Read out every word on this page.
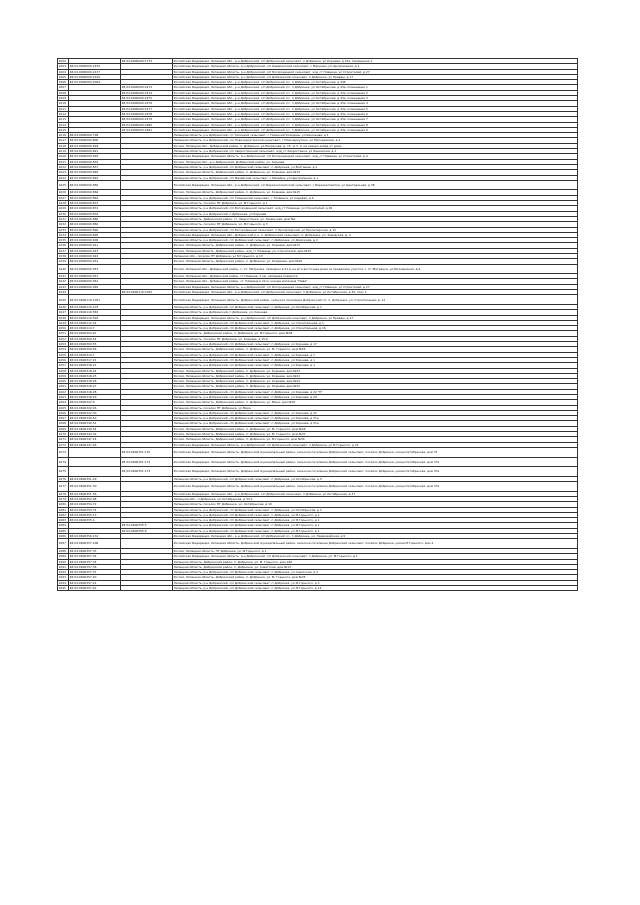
1002		48:04:0000000:1772	Российская Федерация, Липецкая обл., р-н Добринский, с/п Добринский сельсовет, п Добринка, ул Корнева, д 15а, помещение 1
1003	48:04:0000000:1876		Российская Федерация, Липецкая область, р-н Добринский, с/п Каверинский сельсовет, с Малинки, ул Центральная, д 1
1004	48:04:0000000:2137		Российская Федерация, Липецкая область, р-н Добринский, с/п Богородицкий сельсовет, ж/д_ст Плавица, ул Строителей, д 27
1005	48:04:0000000:2150		Российская Федерация, Липецкая область, р-н Добринский, с/п Добринский сельсовет, п Добринка, ул Правды, д 17
1006	48:04:0000000:2364		Российская Федерация, Липецкая обл., р-н Добринский, с/п Добринский с/с, п Добринка, ул Октябрьская, д 43б
1007		48:04:0000000:2472	Российская Федерация, Липецкая обл., р-н Добринский, с/п Добринский с/с, п Добринка, ул Октябрьская, д 43а, помещение 1
1008		48:04:0000000:2474	Российская Федерация, Липецкая обл., р-н Добринский, с/п Добринский с/с, п Добринка, ул Октябрьская, д 43а, помещение 2
1009		48:04:0000000:2475	Российская Федерация, Липецкая обл., р-н Добринский, с/п Добринский с/с, п Добринка, ул Октябрьская, д 43а, помещение 3
1010		48:04:0000000:2476	Российская Федерация, Липецкая обл., р-н Добринский, с/п Добринский с/с, п Добринка, ул Октябрьская, д 43а, помещение 4
1011		48:04:0000000:2477	Российская Федерация, Липецкая обл., р-н Добринский, с/п Добринский с/с, п Добринка, ул Октябрьская, д 43а, помещение 5
1012		48:04:0000000:2478	Российская Федерация, Липецкая обл., р-н Добринский, с/п Добринский с/с, п Добринка, ул Октябрьская, д 43а, помещение 6
1013		48:04:0000000:2479	Российская Федерация, Липецкая обл., р-н Добринский, с/п Добринский с/с, п Добринка, ул Октябрьская, д 43а, помещение 7
1014		48:04:0000000:2480	Российская Федерация, Липецкая обл., р-н Добринский, с/п Добринский с/с, п Добринка, ул Октябрьская, д 43а, помещение 8
1015		48:04:0000000:2481	Российская Федерация, Липецкая обл., р-н Добринский, с/п Добринский с/с, п Добринка, ул Октябрьская, д 43а, помещение 9
1016	48:04:0000000:798		Липецкая область, р-н Добринский, с/с Талицкий сельсовет, с Талицкий Колодезь, ул Школьная, д 1
1017	48:04:0000000:800		Липецкая область, р-н Добринский, с/п Новочеркутинский сельсовет, с Новочеркутино, ул Молодежная, д 4
1018	48:04:0000000:818		Россия, Липецкая обл., Добринский район, п. Добринка, ул.Некрасова, д. 15, ж.п. 4, на северо-запад от дома
1019	48:04:0000000:821		Липецкая область, р-н Добринский, с/п Хворостянский сельсовет, ж/д_ст Хворостянка, ул Ленинская, д 1
1020	48:04:0000000:829		Российская Федерация, Липецкая область, р-н Добринский, с/п Богородицкий сельсовет, ж/д_ст Плавица, ул Строителей, д 4
1021	48:04:0000000:832		Россия, Липецкая обл., р-н Добринский, Добринский район, ул. Корнева
1022	48:04:0000000:837		Липецкая область, р-н Добринский, с/п Добринский сельсовет, п Добринка, ул Волгашев, д 1
1023	48:04:0000000:846		Россия, Липецкая область, Добринский район, п. Добринка, ул. Корнева, дом №15
1024	48:04:0000000:849		Липецкая область, р-н Добринский, с/п Мазейский сельсовет, с Мазейка, ул Центральная, д 1
1025	48:04:0000000:856		Российская Федерация, Липецкая обл., р-н Добринский, с/п Березнеговатский сельсовет, с Березнеговатка, ул Центральная, д 38
1026	48:04:0000000:860		Россия, Липецкая область, Добринский район, п. Добринка, ул. Корнева, дом №15
1027	48:04:0000000:864		Липецкая область, р-н Добринский, с/п Тихвинский сельсовет, с Тихвинка, ул Садовая, д 6
1028	48:04:0000000:872		Липецкая область, поселок ПТ Добринка, ул. М.Горького, д 1
1029	48:04:0000000:874		Липецкая область, р-н Добринский, с/п Богородицкий сельсовет, ж/д_ст Плавица, ул Строителей, д 26
1030	48:04:0000000:876		Липецкая область, р-н Добринский, п Добринка, ул Корнева
1031	48:04:0000000:880		Липецкая область, Добринский район, ст. Хворостянка, ул. Ленинская, дом №1
1032	48:04:0000000:882		Липецкая область, поселок ПТ Добринка, ул. М.Горького, д 3
1033	48:04:0000000:890		Липецкая область, р-н Добринский, с/п Богородицкий сельсовет, п Пролетарский, ул Пролетарская, д 15
1034	48:04:0000000:899		Российская Федерация, Липецкая обл., Добринский р-н, п. Добринский сельсовет, п. Добринка, ул. Заводская, д. 4
1035	48:04:0000000:906		Липецкая область, р-н Добринский, с/п Добринский сельсовет, п Добринка, ул Дорожная, д 2
1036	48:04:0000000:911		Россия, Липецкая область, Добринский район, п. Добринка, ул. Корнева, дом №15
1037	48:04:0000000:913		Россия, Липецкая область, Добринский район, ж/д_ст Плавица, ул. Строителей, дом №25
1038	48:04:0000000:924		Липецкая обл., поселок ПТ Добринка, ул М.Горького, д 13
1039	48:04:0000000:931		Россия, Липецкая область, Добринский район, п. Добринка, ул. Комарова, дом №1б
1040	48:04:0000000:953		Россия, Липецкая обл., Добринский район, с. Ст. Матренка, примерно в 51 м на юго-восточнее дома за пределами участка, с. Ст.Матренка, ул.Молодежная, д.6
1041	48:04:0000000:957		Россия, Липецкая обл., Добринский район, ст.Плавица, 3 км. западнее поворота
1042	48:04:0000000:961		Россия, Липецкая обл., Добринский район, ст. Плавица в 22 м. южнее магазина "Нива"
1043	48:04:0000000:965		Российская Федерация, Липецкая область, р-н Добринский, с/п Богородицкий сельсовет, ж/д_ст Плавица, ул Строителей, д 27
1044		48:04:0600110:1025	Российская Федерация, Липецкая обл., р-н Добринский, с/п Добринский сельсовет, п Добринка, ул Октябрьская, д 39, пом. 1
1045	48:04:0600110:1051		Российская Федерация, Липецкая область, Добринский район, сельское поселение Добринский с/с, п. Добринка, ул. Строительная, д. 12
1046	48:04:0600110:103		Липецкая область, р-н Добринский, с/п Добринский сельсовет, п Добринка, ул Октябрьская, д 1
1047	48:04:0600110:583		Липецкая область, р-н Добринский, п Добринка, ул. Корнева
1048	48:04:0600110:592		Российская Федерация, Липецкая область, р-н Добринский, с/п Добринский сельсовет, п Добринка, ул Правды, д 17
1049	48:04:0600112:14		Липецкая область, р-н Добринский, с/п Добринский сельсовет, п Добринка, ул Строительная, д 1
1050	48:04:0600114:7		Липецкая область, р-н Добринский, с/п Добринский сельсовет, п Добринка, ул Строительная, д 16
1051	48:04:0600304:67		Липецкая область, Добринский район, п. Добринка, ул. М.Горького, дом №34
1052	48:04:0600309:54		Липецкая область, поселок ПТ Добринка, ул. Корнева, д 15-б
1053	48:04:0600309:55		Липецкая область, р-н Добринский, с/п Добринский сельсовет, п Добринка, ул Корнева, д 17
1054	48:04:0600309:56		Россия, Липецкая область, Добринский район, п. Добринка, ул. М. Горького, дом №55
1055	48:04:0600310:7		Липецкая область, р-н Добринский, с/п Добринский сельсовет, п Добринка, ул Корнева, д 1
1056	48:04:0600317:21		Липецкая область, р-н Добринский, с/п Добринский сельсовет, п Добринка, ул Корнева, д 1
1057	48:04:0600318:21		Липецкая область, р-н Добринский, с/п Добринский сельсовет, п Добринка, ул Корнева, д 1
1058	48:04:0600318:24		Россия, Липецкая область, Добринский район, п. Добринка, ул. Корнева, дом №22
1059	48:04:0600318:25		Россия, Липецкая область, Добринский район, п. Добринка, ул. Корнева, дом №22
1060	48:04:0600318:26		Россия, Липецкая область, Добринский район, п. Добринка, ул. Корнева, дом №22
1061	48:04:0600318:27		Россия, Липецкая область, Добринский район, п. Добринка, ул. Корнева, дом №22
1062	48:04:0600318:28		Липецкая область, р-н Добринский, с/п Добринский сельсовет, п Добринка, ул Корнева, д 22 "П"
1063	48:04:0600318:29		Липецкая область, р-н Добринский, с/п Добринский сельсовет, п Добринка, ул Корнева, д 29
1064	48:04:0600322:9		Россия, Липецкая область, Добринский район, п. Добринка, ул. Мира, дом №30
1065	48:04:0600322:26		Липецкая область, поселок ПТ Добринка, ул Мира
1066	48:04:0600322:30		Липецкая область, р-н Добринский, с/п Добринский сельсовет, п Добринка, ул Корнева, д 22
1067	48:04:0600340:50		Липецкая область, р-н Добринский, с/п Добринский сельсовет, п Добринка, ул Корнева, д 21а
1068	48:04:0600340:51		Липецкая область, р-н Добринский, с/п Добринский сельсовет, п Добринка, ул Корнева, д 21а
1069	48:04:0600340:54		Россия, Липецкая область, Добринский район, п. Добринка, ул. М. Горького, дом №48
1070	48:04:0600344:32		Россия, Липецкая область, Добринский район, п. Добринка, ул. М. Горького, дом №37
1071	48:04:0600347:24		Россия, Липецкая область, Добринский район, п. Добринка, ул. М.Горького, дом №34
1072	48:04:0600347:26		Российская Федерация, Липецкая область, р-н Добринский, с/п Добринский сельсовет, п Добринка, ул М Горького, д 21
1073		48:04:0600351:170	Российская Федерация, Липецкая область, Добринский муниципальный район, сельское поселение Добринский сельсовет, поселок Добринка, улица Октябрьская, дом 37
1074		48:04:0600351:172	Российская Федерация, Липецкая область, Добринский муниципальный район, сельское поселение Добринский сельсовет, поселок Добринка, улица Октябрьская, дом 37а
1075		48:04:0600351:173	Российская Федерация, Липецкая область, Добринский муниципальный район, сельское поселение Добринский сельсовет, поселок Добринка, улица Октябрьская, дом 37а
1076	48:04:0600351:29		Липецкая область, р-н Добринский, с/п Добринский сельсовет, п Добринка, ул Октябрьская, д 5
1077	48:04:0600351:30		Российская Федерация, Липецкая область, Добринский муниципальный район, сельское поселение Добринский сельсовет, поселок Добринка, улица Октябрьская, дом 37а
1078	48:04:0600351:56		Российская Федерация, Липецкая обл., р-н Добринский, с/п Добринский сельсовет, п Добринка, ул Октябрьская, д 37
1079	48:04:0600352:98		Липецкая обл., п Добринка, ул Октябрьская, д 33 а
1080	48:04:0600354:72		Липецкая область, поселок ПТ Добринка, ул. Октябрьская, д 1б
1081	48:04:0600354:74		Липецкая область, р-н Добринский, с/п Добринский сельсовет, п Добринка, ул Октябрьская, д 1
1082	48:04:0600355:13		Липецкая область, р-н Добринский, с/п Добринский сельсовет, п Добринка, ул М.Горького, д 1
1083	48:04:0600355:4		Липецкая область, р-н Добринский, с/п Добринский сельсовет, п Добринка, ул М.Горького, д 1
1084		48:04:0600355:5	Липецкая область, р-н Добринский, с/п Добринский сельсовет, п Добринка, ул М.Горького, д 1
1085		48:04:0600355:6	Липецкая область, р-н Добринский, с/п Добринский сельсовет, п Добринка, ул М.Горького, д 1
1086	48:04:0600356:132		Российская Федерация, Липецкая обл., р-н Добринский, с/п Добринский с/с, п Добринка, ул. Первомайская, д 5
1087	48:04:0600357:108		Российская Федерация, Липецкая область, Добринский муниципальный район, сельское поселение Добринский сельсовет, поселок Добринка, улица М.Горького, дом 2
1088	48:04:0600357:33		Россия, Липецкая область, ПТ Добринка, ул. М.Горького, д 1
1089	48:04:0600357:34		Российская Федерация, Липецкая область, р-н Добринский, с/п Добринский сельсовет, п Добринка, ул. М.Горького, д 1
1090	48:04:0600357:35		Липецкая область, Добринский район, п. Добринка, ул. М. Горького, дом 16б
1091	48:04:0600357:36		Липецкая область, Добринский район, п. Добринка, ул. Советская, дом №13
1092	48:04:0600357:37		Липецкая область, р-н Добринский, с/п Добринский сельсовет, п Добринка, ул Советская, д 4
1093	48:04:0600357:40		Россия, Липецкая область, Добринский район, п. Добринка, ул. М. Горького, дом №35
1094	48:04:0600357:41		Липецкая область, р-н Добринский, с/п Добринский сельсовет, п Добринка, ул М.Горького, д 3
1095	48:04:0600357:42		Липецкая область, р-н Добринский, с/п Добринский сельсовет, п Добринка, ул М.Горького, д 13
